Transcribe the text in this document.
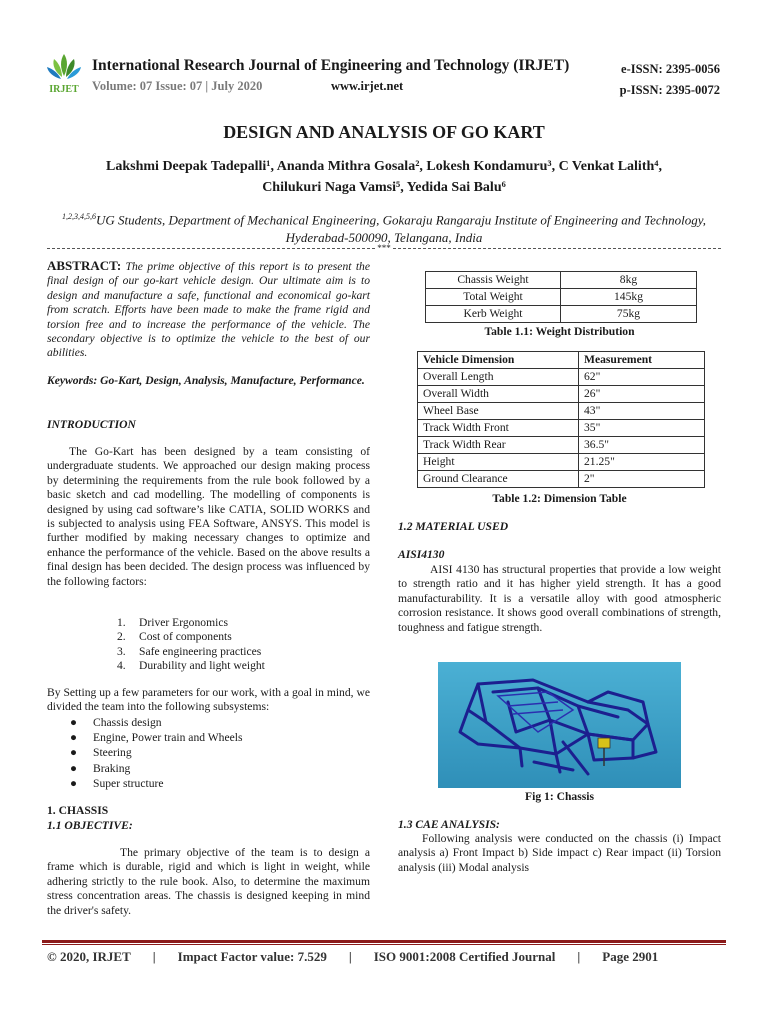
IRJET
International Research Journal of Engineering and Technology (IRJET)
Volume: 07 Issue: 07 | July 2020	www.irjet.net
e-ISSN: 2395-0056
p-ISSN: 2395-0072
DESIGN AND ANALYSIS OF GO KART
Lakshmi Deepak Tadepalli¹, Ananda Mithra Gosala², Lokesh Kondamuru³, C Venkat Lalith⁴,
Chilukuri Naga Vamsi⁵, Yedida Sai Balu⁶
$^{1,2,3,4,5,6}$UG Students, Department of Mechanical Engineering, Gokaraju Rangaraju Institute of Engineering and Technology, Hyderabad-500090, Telangana, India
***
ABSTRACT: The prime objective of this report is to present the final design of our go-kart vehicle design. Our ultimate aim is to design and manufacture a safe, functional and economical go-kart from scratch. Efforts have been made to make the frame rigid and torsion free and to increase the performance of the vehicle. The secondary objective is to optimize the vehicle to the best of our abilities.
Keywords: Go-Kart, Design, Analysis, Manufacture, Performance.
INTRODUCTION
The Go-Kart has been designed by a team consisting of undergraduate students. We approached our design making process by determining the requirements from the rule book followed by a basic sketch and cad modelling. The modelling of components is designed by using cad software’s like CATIA, SOLID WORKS and is subjected to analysis using FEA Software, ANSYS. This model is further modified by making necessary changes to optimize and enhance the performance of the vehicle. Based on the above results a final design has been decided. The design process was influenced by the following factors:
1. Driver Ergonomics
2. Cost of components
3. Safe engineering practices
4. Durability and light weight
By Setting up a few parameters for our work, with a goal in mind, we divided the team into the following subsystems:
● Chassis design
● Engine, Power train and Wheels
● Steering
● Braking
● Super structure
1. CHASSIS
1.1 OBJECTIVE:
The primary objective of the team is to design a frame which is durable, rigid and which is light in weight, while adhering strictly to the rule book. Also, to determine the maximum stress concentration areas. The chassis is designed keeping in mind the driver's safety.
Chassis Weight	8kg
Total Weight	145kg
Kerb Weight	75kg
Table 1.1: Weight Distribution
Vehicle Dimension	Measurement
Overall Length	62"
Overall Width	26"
Wheel Base	43"
Track Width Front	35"
Track Width Rear	36.5"
Height	21.25"
Ground Clearance	2"
Table 1.2: Dimension Table
1.2 MATERIAL USED
AISI4130
AISI 4130 has structural properties that provide a low weight to strength ratio and it has higher yield strength. It has a good manufacturability. It is a versatile alloy with good atmospheric corrosion resistance. It shows good overall combinations of strength, toughness and fatigue strength.
Fig 1: Chassis
1.3 CAE ANALYSIS:
Following analysis were conducted on the chassis (i) Impact analysis a) Front Impact b) Side impact c) Rear impact (ii) Torsion analysis (iii) Modal analysis
© 2020, IRJET	|	Impact Factor value: 7.529	|	ISO 9001:2008 Certified Journal	|	Page 2901
